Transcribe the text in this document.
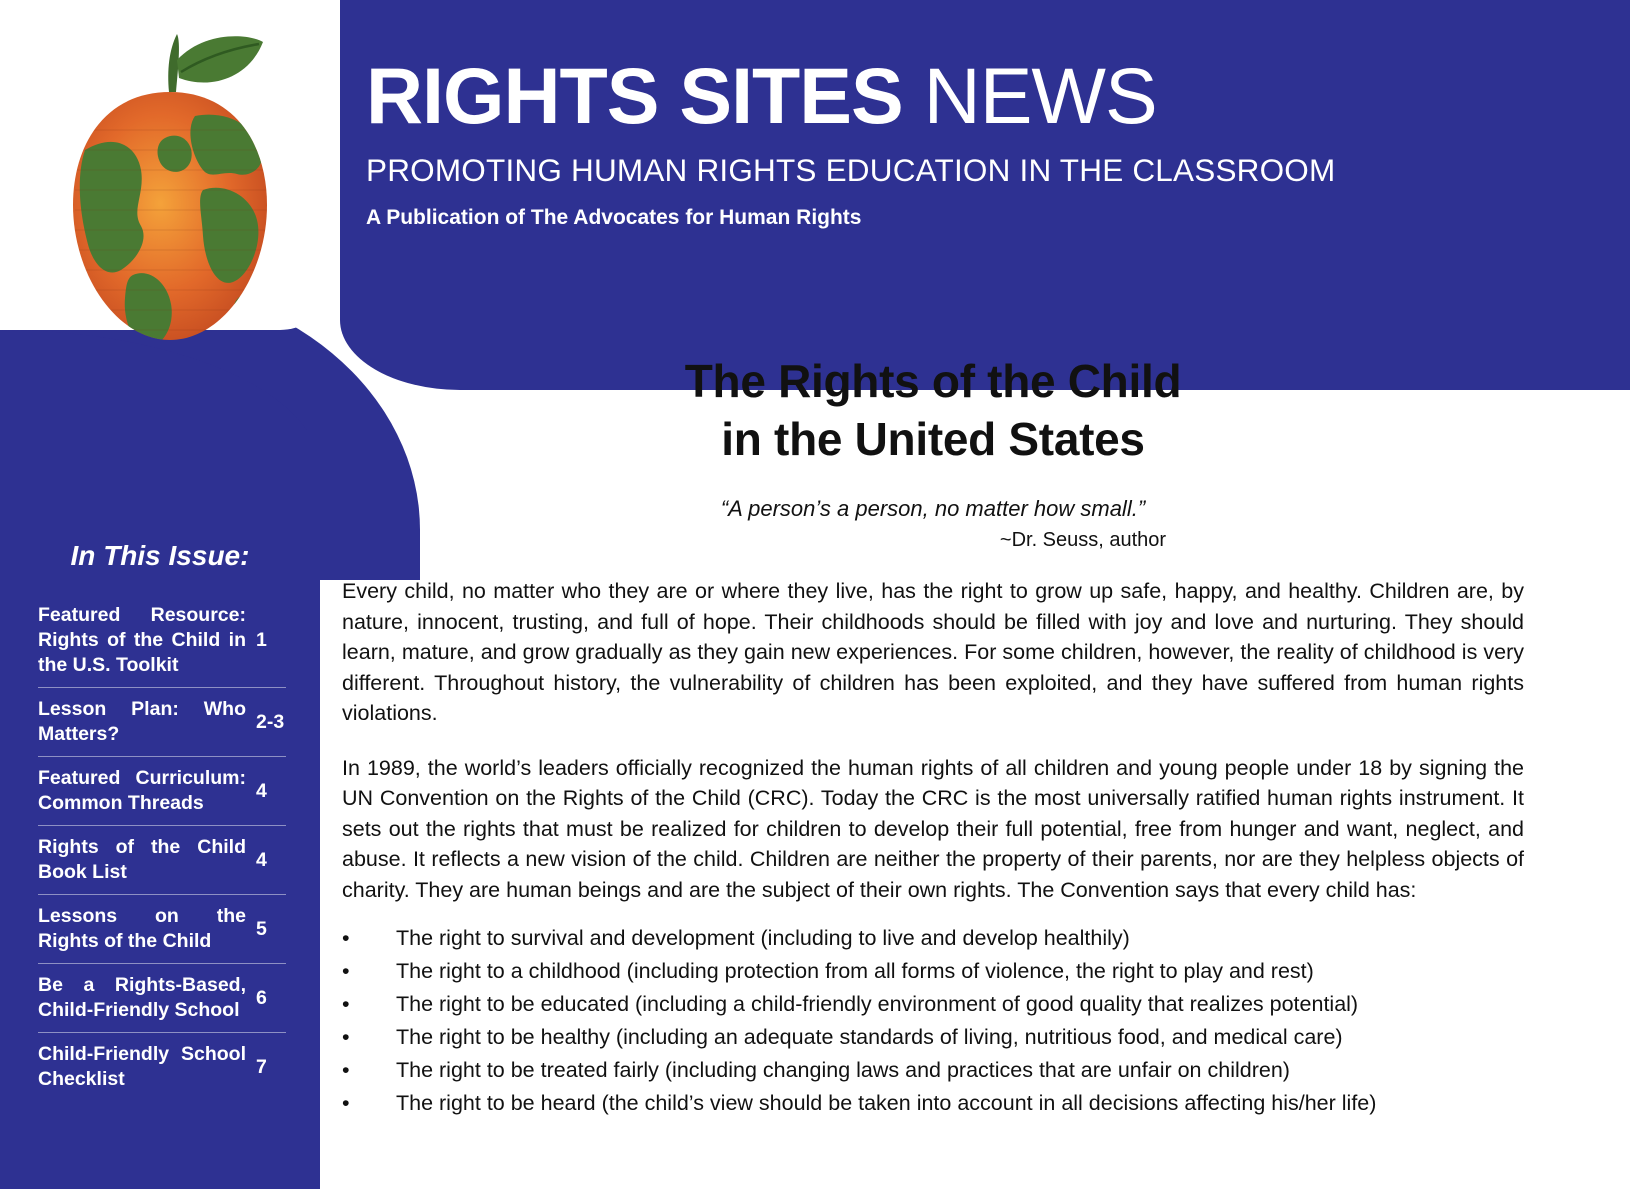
RIGHTS SITES NEWS
PROMOTING HUMAN RIGHTS EDUCATION IN THE CLASSROOM
A Publication of The Advocates for Human Rights
In This Issue:
Featured Resource: Rights of the Child in the U.S. Toolkit
1
Lesson Plan: Who Matters?
2-3
Featured Curriculum: Common Threads
4
Rights of the Child Book List
4
Lessons on the Rights of the Child
5
Be a Rights-Based, Child-Friendly School
6
Child-Friendly School Checklist
7
The Rights of the Child
in the United States
“A person’s a person, no matter how small.”
~Dr. Seuss, author
Every child, no matter who they are or where they live, has the right to grow up safe, happy, and healthy. Children are, by nature, innocent, trusting, and full of hope. Their childhoods should be filled with joy and love and nurturing. They should learn, mature, and grow gradually as they gain new experiences. For some children, however, the reality of childhood is very different. Throughout history, the vulnerability of children has been exploited, and they have suffered from human rights violations.
In 1989, the world’s leaders officially recognized the human rights of all children and young people under 18 by signing the UN Convention on the Rights of the Child (CRC). Today the CRC is the most universally ratified human rights instrument. It sets out the rights that must be realized for children to develop their full potential, free from hunger and want, neglect, and abuse. It reflects a new vision of the child. Children are neither the property of their parents, nor are they helpless objects of charity. They are human beings and are the subject of their own rights. The Convention says that every child has:
•	The right to survival and development (including to live and develop healthily)
•	The right to a childhood (including protection from all forms of violence, the right to play and rest)
•	The right to be educated (including a child-friendly environment of good quality that realizes potential)
•	The right to be healthy (including an adequate standards of living, nutritious food, and medical care)
•	The right to be treated fairly (including changing laws and practices that are unfair on children)
•	The right to be heard (the child’s view should be taken into account in all decisions affecting his/her life)
